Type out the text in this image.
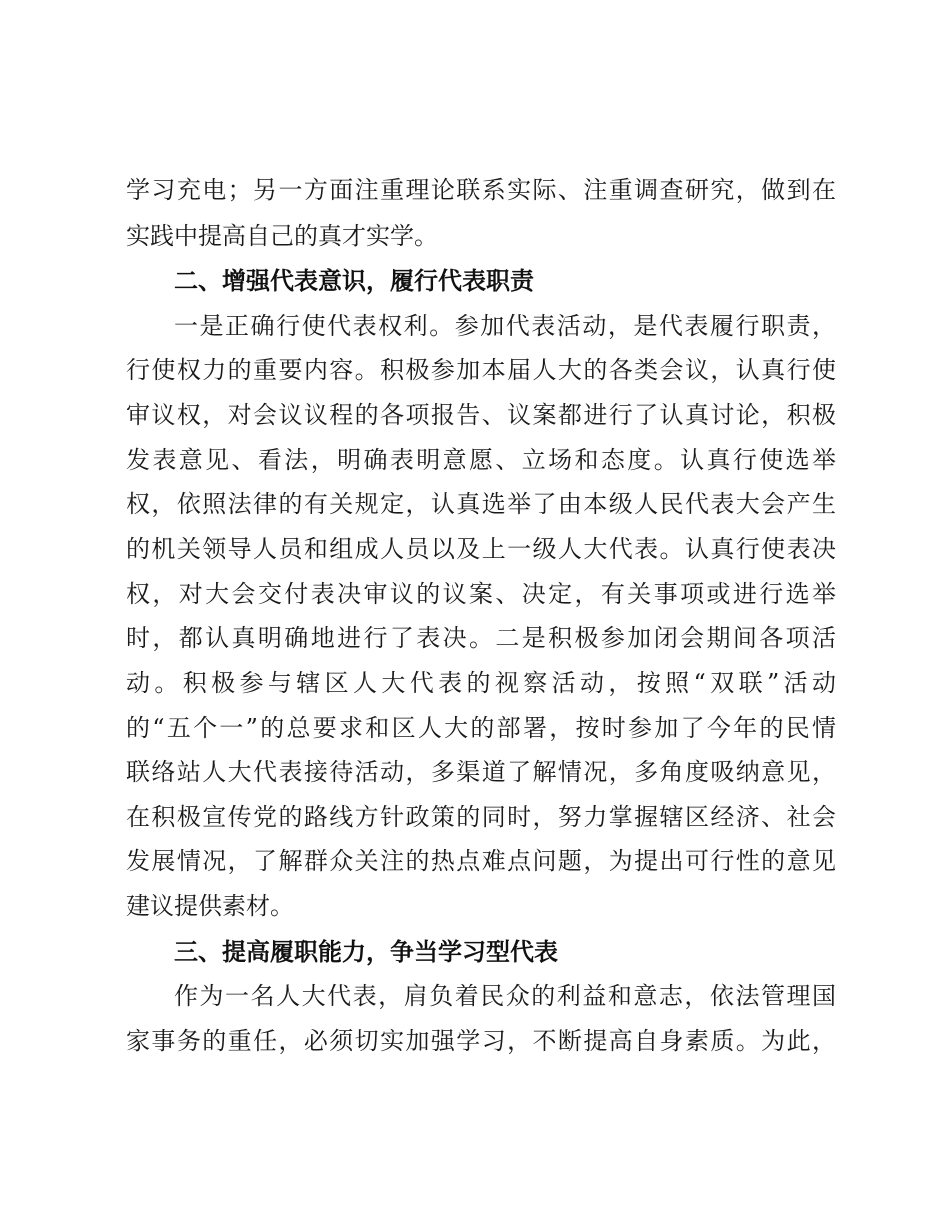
学习充电；另一方面注重理论联系实际、注重调查研究，做到在
实践中提高自己的真才实学。
二、增强代表意识，履行代表职责
一是正确行使代表权利。参加代表活动，是代表履行职责，
行使权力的重要内容。积极参加本届人大的各类会议，认真行使
审议权，对会议议程的各项报告、议案都进行了认真讨论，积极
发表意见、看法，明确表明意愿、立场和态度。认真行使选举
权，依照法律的有关规定，认真选举了由本级人民代表大会产生
的机关领导人员和组成人员以及上一级人大代表。认真行使表决
权，对大会交付表决审议的议案、决定，有关事项或进行选举
时，都认真明确地进行了表决。二是积极参加闭会期间各项活
动。积极参与辖区人大代表的视察活动，按照“双联”活动
的“五个一”的总要求和区人大的部署，按时参加了今年的民情
联络站人大代表接待活动，多渠道了解情况，多角度吸纳意见，
在积极宣传党的路线方针政策的同时，努力掌握辖区经济、社会
发展情况，了解群众关注的热点难点问题，为提出可行性的意见
建议提供素材。
三、提高履职能力，争当学习型代表
作为一名人大代表，肩负着民众的利益和意志，依法管理国
家事务的重任，必须切实加强学习，不断提高自身素质。为此，
